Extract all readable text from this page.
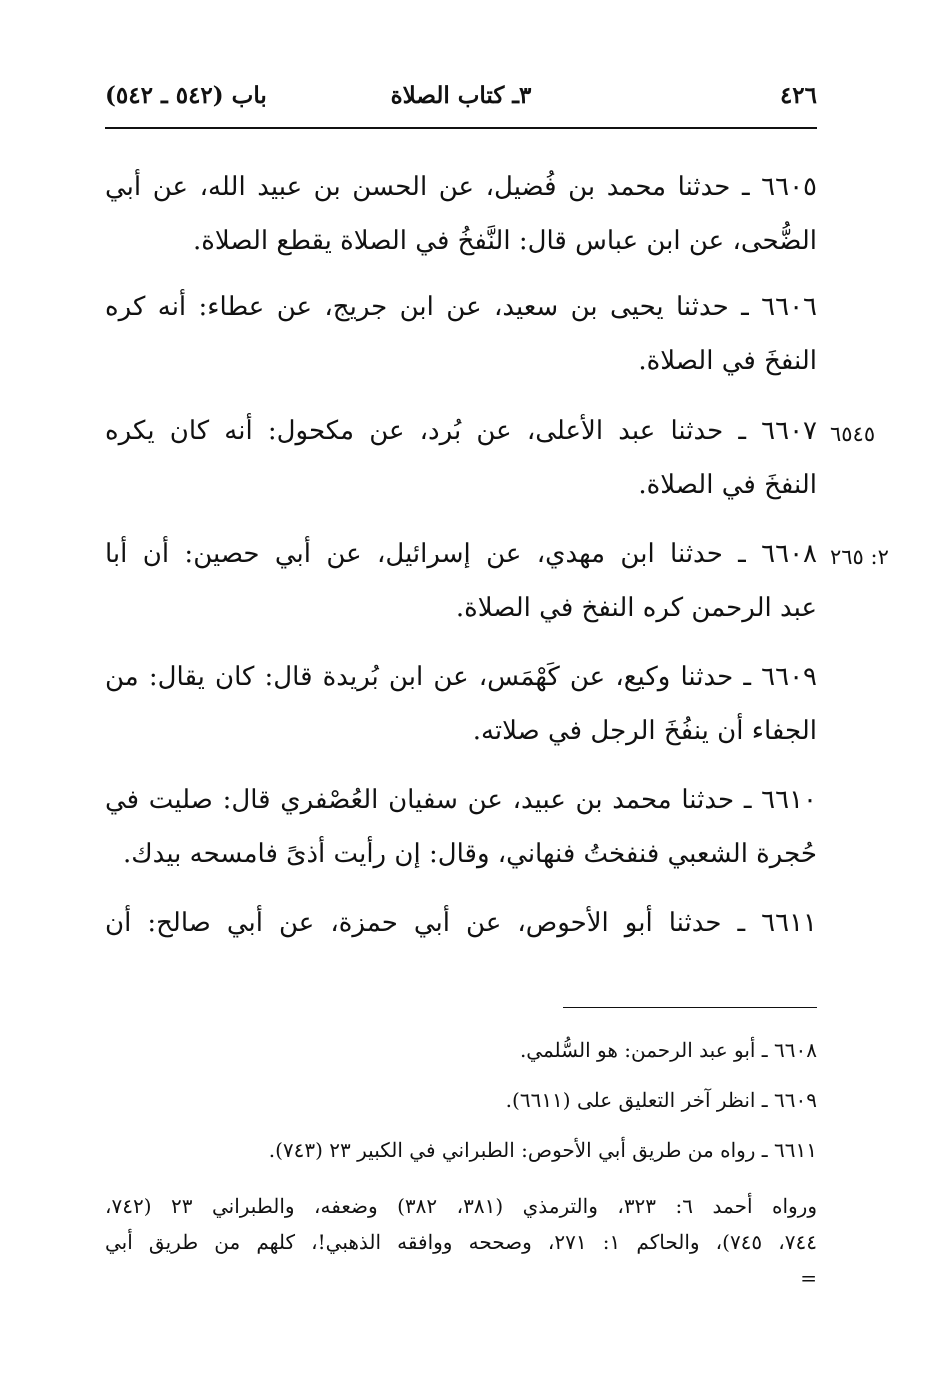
٤٢٦
٣ـ كتاب الصلاة
باب (٥٤٢ ـ ٥٤٢)
٦٦٠٥ ـ حدثنا محمد بن فُضيل، عن الحسن بن عبيد الله، عن أبي
الضُّحى، عن ابن عباس قال: النَّفخُ في الصلاة يقطع الصلاة.
٦٦٠٦ ـ حدثنا يحيى بن سعيد، عن ابن جريج، عن عطاء: أنه كره
النفخَ في الصلاة.
٦٦٠٧ ـ حدثنا عبد الأعلى، عن بُرد، عن مكحول: أنه كان يكره
النفخَ في الصلاة.
٦٥٤٥
٦٦٠٨ ـ حدثنا ابن مهدي، عن إسرائيل، عن أبي حصين: أن أبا
عبد الرحمن كره النفخ في الصلاة.
٢: ٢٦٥
٦٦٠٩ ـ حدثنا وكيع، عن كَهْمَس، عن ابن بُريدة قال: كان يقال: من
الجفاء أن ينفُخَ الرجل في صلاته.
٦٦١٠ ـ حدثنا محمد بن عبيد، عن سفيان العُصْفري قال: صليت في
حُجرة الشعبي فنفختُ فنهاني، وقال: إن رأيت أذىً فامسحه بيدك.
٦٦١١ ـ حدثنا أبو الأحوص، عن أبي حمزة، عن أبي صالح: أن
٦٦٠٨ ـ أبو عبد الرحمن: هو السُّلمي.
٦٦٠٩ ـ انظر آخر التعليق على (٦٦١١).
٦٦١١ ـ رواه من طريق أبي الأحوص: الطبراني في الكبير ٢٣ (٧٤٣).
ورواه أحمد ٦: ٣٢٣، والترمذي (٣٨١، ٣٨٢) وضعفه، والطبراني ٢٣ (٧٤٢،
٧٤٤، ٧٤٥)، والحاكم ١: ٢٧١، وصححه ووافقه الذهبي!، كلهم من طريق أبي
=
